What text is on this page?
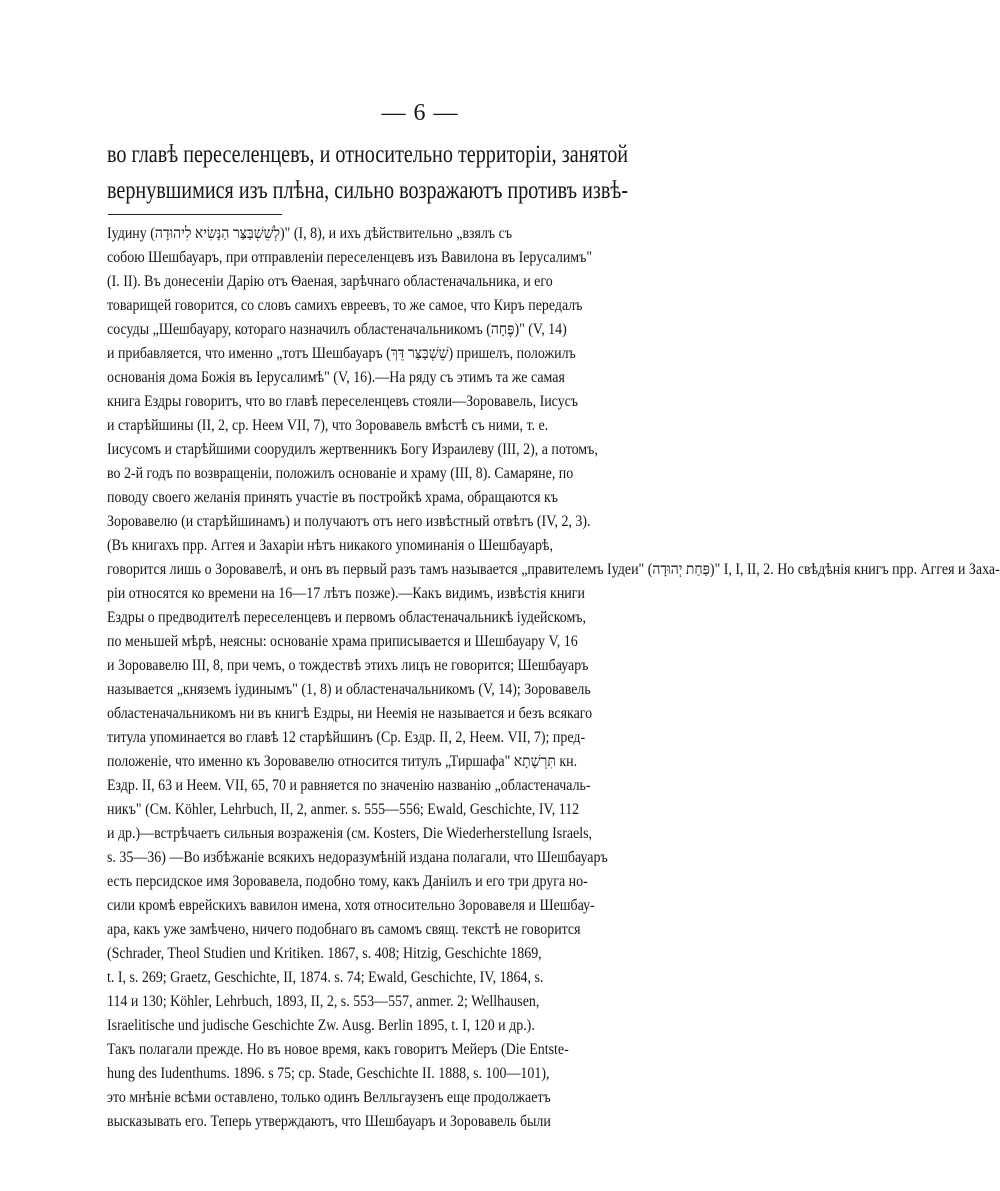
— 6 —
во главѣ переселенцевъ, и относительно территоріи, занятой
вернувшимися изъ плѣна, сильно возражаютъ противъ извѣ-
Іудину (לְשֵׁשְׁבַּצַּר הַנָּשִׂיא לִיהוּדָה)" (І, 8), и ихъ дѣйствительно „взялъ съ
собою Шешбауаръ, при отправленіи переселенцевъ изъ Вавилона въ Іерусалимъ"
(І. ІІ). Въ донесеніи Дарію отъ Ѳаеная, зарѣчнаго областеначальника, и его
товарищей говорится, со словъ самихъ евреевъ, то же самое, что Киръ передалъ
сосуды „Шешбауару, котораго назначилъ областеначальникомъ (פֶּחָה)" (V, 14)
и прибавляется, что именно „тотъ Шешбауаръ (שֵׁשְׁבַּצַּר דֵּךְ) пришелъ, положилъ
основанія дома Божія въ Іерусалимѣ" (V, 16).—На ряду съ этимъ та же самая
книга Ездры говоритъ, что во главѣ переселенцевъ стояли—Зоровавель, Іисусъ
и старѣйшины (II, 2, ср. Неем VII, 7), что Зоровавель вмѣстѣ съ ними, т. е.
Іисусомъ и старѣйшими соорудилъ жертвенникъ Богу Израилеву (III, 2), а потомъ,
во 2-й годъ по возвращеніи, положилъ основаніе и храму (III, 8). Самаряне, по
поводу своего желанія принять участіе въ постройкѣ храма, обращаются къ
Зоровавелю (и старѣйшинамъ) и получаютъ отъ него извѣстный отвѣтъ (IV, 2, 3).
(Въ книгахъ прр. Аггея и Захаріи нѣтъ никакого упоминанія о Шешбауарѣ,
говорится лишь о Зоровавелѣ, и онъ въ первый разъ тамъ называется „правителемъ Іудеи" (פַּחַת יְהוּדָה)" I, I, II, 2. Но свѣдѣнія книгъ прр. Аггея и Заха-
ріи относятся ко времени на 16—17 лѣтъ позже).—Какъ видимъ, извѣстія книги
Ездры о предводителѣ переселенцевъ и первомъ областеначальникѣ іудейскомъ,
по меньшей мѣрѣ, неясны: основаніе храма приписывается и Шешбауару V, 16
и Зоровавелю III, 8, при чемъ, о тождествѣ этихъ лицъ не говорится; Шешбауаръ
называется „княземъ іудинымъ" (1, 8) и областеначальникомъ (V, 14); Зоровавель
областеначальникомъ ни въ книгѣ Ездры, ни Неемія не называется и безъ всякаго
титула упоминается во главѣ 12 старѣйшинъ (Ср. Ездр. II, 2, Неем. VII, 7); пред-
положеніе, что именно къ Зоровавелю относится титулъ „Тиршафа" תִּרְשָׁתָא кн.
Ездр. II, 63 и Неем. VII, 65, 70 и равняется по значенію названію „областеначаль-
никъ" (См. Köhler, Lehrbuch, II, 2, anmer. s. 555—556; Ewald, Geschichte, IV, 112
и др.)—встрѣчаетъ сильныя возраженія (см. Kosters, Die Wiederherstellung Israels,
s. 35—36) —Во избѣжаніе всякихъ недоразумѣній издана полагали, что Шешбауаръ
есть персидское имя Зоровавела, подобно тому, какъ Даніилъ и его три друга но-
сили кромѣ еврейскихъ вавилон имена, хотя относительно Зоровавеля и Шешбау-
ара, какъ уже замѣчено, ничего подобнаго въ самомъ свящ. текстѣ не говорится
(Schrader, Theol Studien und Kritiken. 1867, s. 408; Hitzig, Geschichte 1869,
t. I, s. 269; Graetz, Geschichte, II, 1874. s. 74; Ewald, Geschichte, IV, 1864, s.
114 и 130; Köhler, Lehrbuch, 1893, II, 2, s. 553—557, anmer. 2; Wellhausen,
Israelitische und judische Geschichte Zw. Ausg. Berlin 1895, t. I, 120 и др.).
Такъ полагали прежде. Но въ новое время, какъ говоритъ Мейеръ (Die Entste-
hung des Iudenthums. 1896. s 75; ср. Stade, Geschichte II. 1888, s. 100—101),
это мнѣніе всѣми оставлено, только одинъ Велльгаузенъ еще продолжаетъ
высказывать его. Теперь утверждаютъ, что Шешбауаръ и Зоровавель были
